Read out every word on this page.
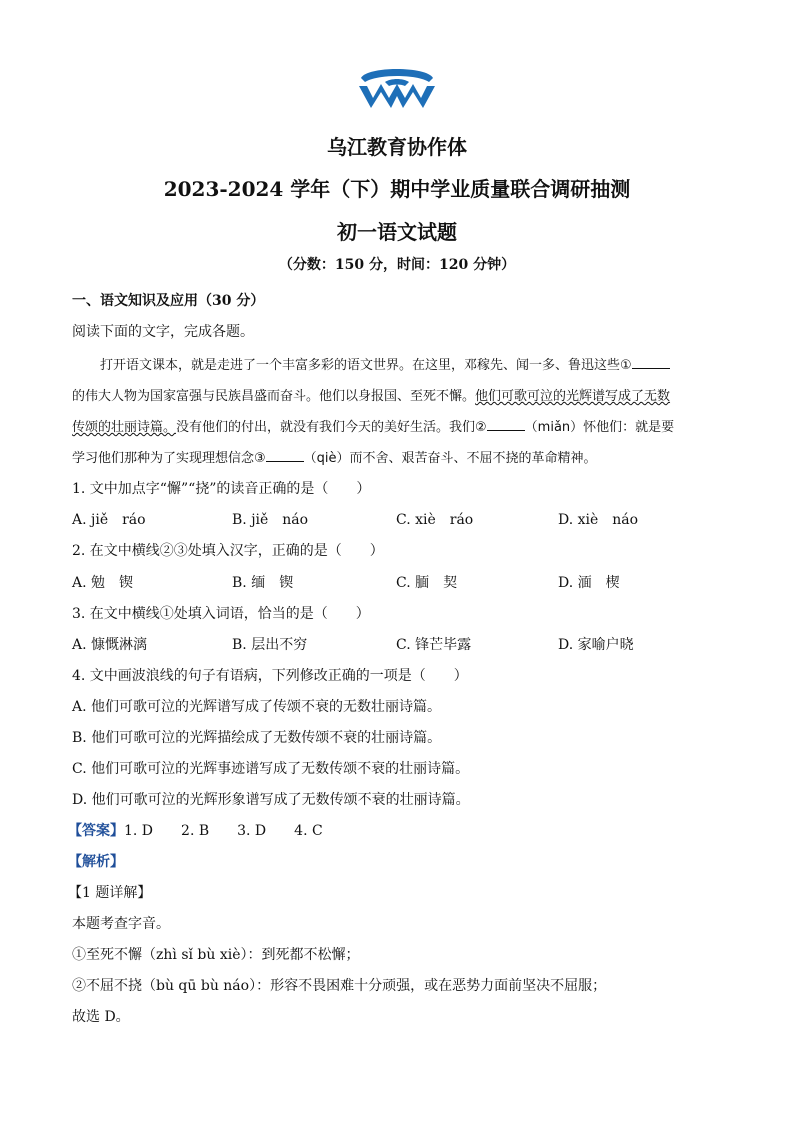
乌江教育协作体
2023-2024 学年（下）期中学业质量联合调研抽测
初一语文试题
（分数：150 分，时间：120 分钟）
一、语文知识及应用（30 分）
阅读下面的文字，完成各题。
打开语文课本，就是走进了一个丰富多彩的语文世界。在这里，邓稼先、闻一多、鲁迅这些①
的伟大人物为国家富强与民族昌盛而奋斗。他们以身报国、至死不懈。他们可歌可泣的光辉谱写成了无数
传颂的壮丽诗篇。没有他们的付出，就没有我们今天的美好生活。我们②	（miǎn）怀他们：就是要
学习他们那种为了实现理想信念③	（qiè）而不舍、艰苦奋斗、不屈不挠的革命精神。
1. 文中加点字“懈”“挠”的读音正确的是（　　）
A. jiě　ráo	B. jiě　náo	C. xiè　ráo	D. xiè　náo
2. 在文中横线②③处填入汉字，正确的是（　　）
A. 勉　锲	B. 缅　锲	C. 腼　契	D. 湎　楔
3. 在文中横线①处填入词语，恰当的是（　　）
A. 慷慨淋漓	B. 层出不穷	C. 锋芒毕露	D. 家喻户晓
4. 文中画波浪线的句子有语病，下列修改正确的一项是（　　）
A. 他们可歌可泣的光辉谱写成了传颂不衰的无数壮丽诗篇。
B. 他们可歌可泣的光辉描绘成了无数传颂不衰的壮丽诗篇。
C. 他们可歌可泣的光辉事迹谱写成了无数传颂不衰的壮丽诗篇。
D. 他们可歌可泣的光辉形象谱写成了无数传颂不衰的壮丽诗篇。
【答案】1. D　　2. B　　3. D　　4. C
【解析】
【1 题详解】
本题考查字音。
①至死不懈（zhì sǐ bù xiè）：到死都不松懈；
②不屈不挠（bù qū bù náo）：形容不畏困难十分顽强，或在恶势力面前坚决不屈服；
故选 D。
